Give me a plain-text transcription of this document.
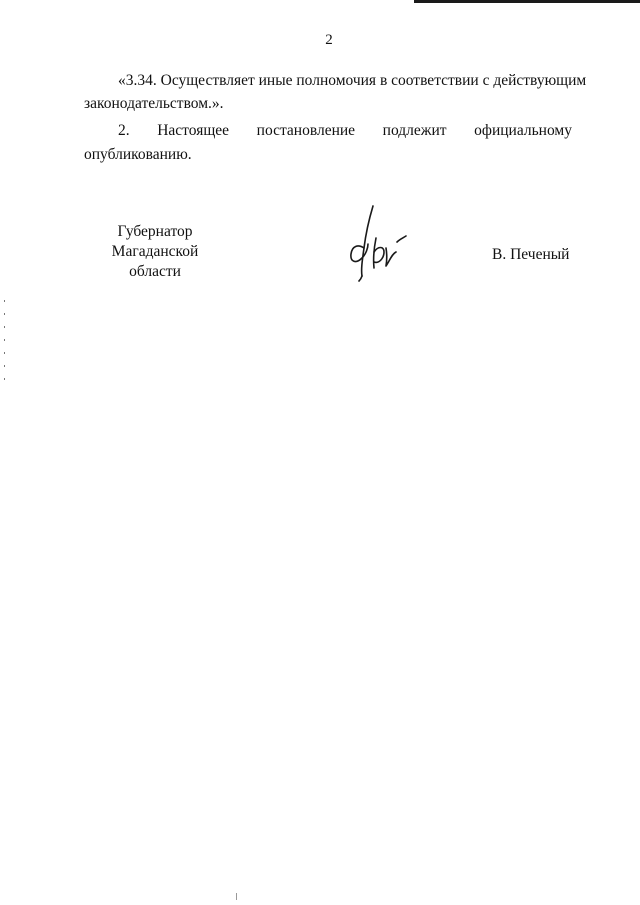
2
«3.34. Осуществляет иные полномочия в соответствии с действующим
законодательством.».
2. Настоящее постановление подлежит официальному
опубликованию.
Губернатор
Магаданской области
В. Печеный
